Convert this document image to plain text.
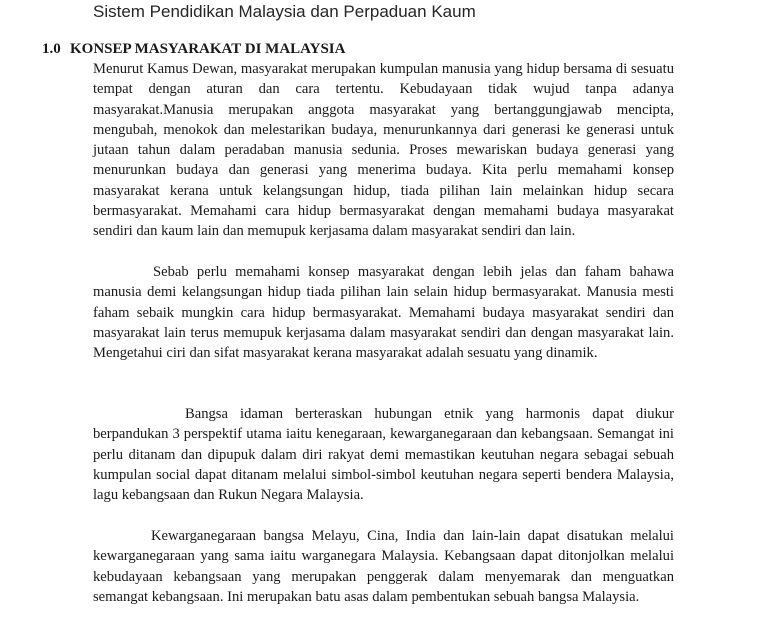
Sistem Pendidikan Malaysia dan Perpaduan Kaum
1.0 KONSEP MASYARAKAT DI MALAYSIA

Menurut Kamus Dewan, masyarakat merupakan kumpulan manusia yang hidup bersama di sesuatu tempat dengan aturan dan cara tertentu. Kebudayaan tidak wujud tanpa adanya masyarakat.Manusia merupakan anggota masyarakat yang bertanggungjawab mencipta, mengubah, menokok dan melestarikan budaya, menurunkannya dari generasi ke generasi untuk jutaan tahun dalam peradaban manusia sedunia. Proses mewariskan budaya generasi yang menurunkan budaya dan generasi yang menerima budaya. Kita perlu memahami konsep masyarakat kerana untuk kelangsungan hidup, tiada pilihan lain melainkan hidup secara bermasyarakat. Memahami cara hidup bermasyarakat dengan memahami budaya masyarakat sendiri dan kaum lain dan memupuk kerjasama dalam masyarakat sendiri dan lain.

Sebab perlu memahami konsep masyarakat dengan lebih jelas dan faham bahawa manusia demi kelangsungan hidup tiada pilihan lain selain hidup bermasyarakat. Manusia mesti faham sebaik mungkin cara hidup bermasyarakat. Memahami budaya masyarakat sendiri dan masyarakat lain terus memupuk kerjasama dalam masyarakat sendiri dan dengan masyarakat lain. Mengetahui ciri dan sifat masyarakat kerana masyarakat adalah sesuatu yang dinamik.

Bangsa idaman berteraskan hubungan etnik yang harmonis dapat diukur berpandukan 3 perspektif utama iaitu kenegaraan, kewarganegaraan dan kebangsaan. Semangat ini perlu ditanam dan dipupuk dalam diri rakyat demi memastikan keutuhan negara sebagai sebuah kumpulan social dapat ditanam melalui simbol-simbol keutuhan negara seperti bendera Malaysia, lagu kebangsaan dan Rukun Negara Malaysia.

Kewarganegaraan bangsa Melayu, Cina, India dan lain-lain dapat disatukan melalui kewarganegaraan yang sama iaitu warganegara Malaysia. Kebangsaan dapat ditonjolkan melalui kebudayaan kebangsaan yang merupakan penggerak dalam menyemarak dan menguatkan semangat kebangsaan. Ini merupakan batu asas dalam pembentukan sebuah bangsa Malaysia.
